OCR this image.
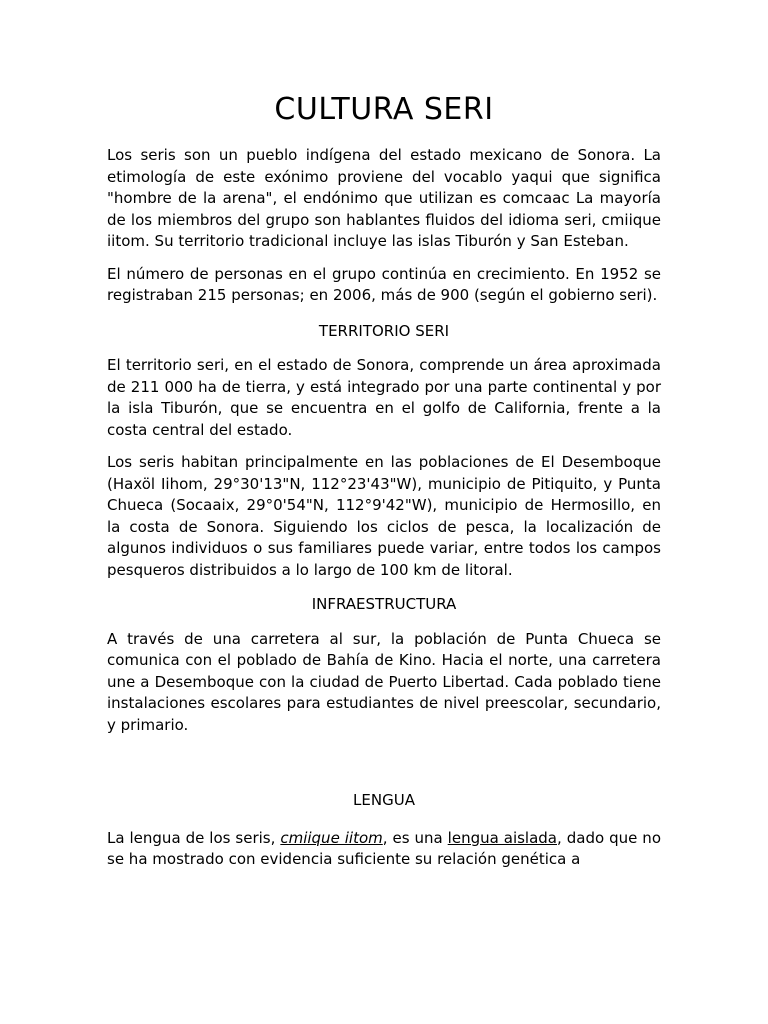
CULTURA SERI

Los seris son un pueblo indígena del estado mexicano de Sonora. La etimología de este exónimo proviene del vocablo yaqui que significa "hombre de la arena", el endónimo que utilizan es comcaac La mayoría de los miembros del grupo son hablantes fluidos del idioma seri, cmiique iitom. Su territorio tradicional incluye las islas Tiburón y San Esteban.

El número de personas en el grupo continúa en crecimiento. En 1952 se registraban 215 personas; en 2006, más de 900 (según el gobierno seri).

TERRITORIO SERI

El territorio seri, en el estado de Sonora, comprende un área aproximada de 211 000 ha de tierra, y está integrado por una parte continental y por la isla Tiburón, que se encuentra en el golfo de California, frente a la costa central del estado.

Los seris habitan principalmente en las poblaciones de El Desemboque (Haxöl Iihom, 29°30'13"N, 112°23'43"W), municipio de Pitiquito, y Punta Chueca (Socaaix, 29°0'54"N, 112°9'42"W), municipio de Hermosillo, en la costa de Sonora. Siguiendo los ciclos de pesca, la localización de algunos individuos o sus familiares puede variar, entre todos los campos pesqueros distribuidos a lo largo de 100 km de litoral.

INFRAESTRUCTURA

A través de una carretera al sur, la población de Punta Chueca se comunica con el poblado de Bahía de Kino. Hacia el norte, una carretera une a Desemboque con la ciudad de Puerto Libertad. Cada poblado tiene instalaciones escolares para estudiantes de nivel preescolar, secundario, y primario.

LENGUA

La lengua de los seris, cmiique iitom, es una lengua aislada, dado que no se ha mostrado con evidencia suficiente su relación genética a
